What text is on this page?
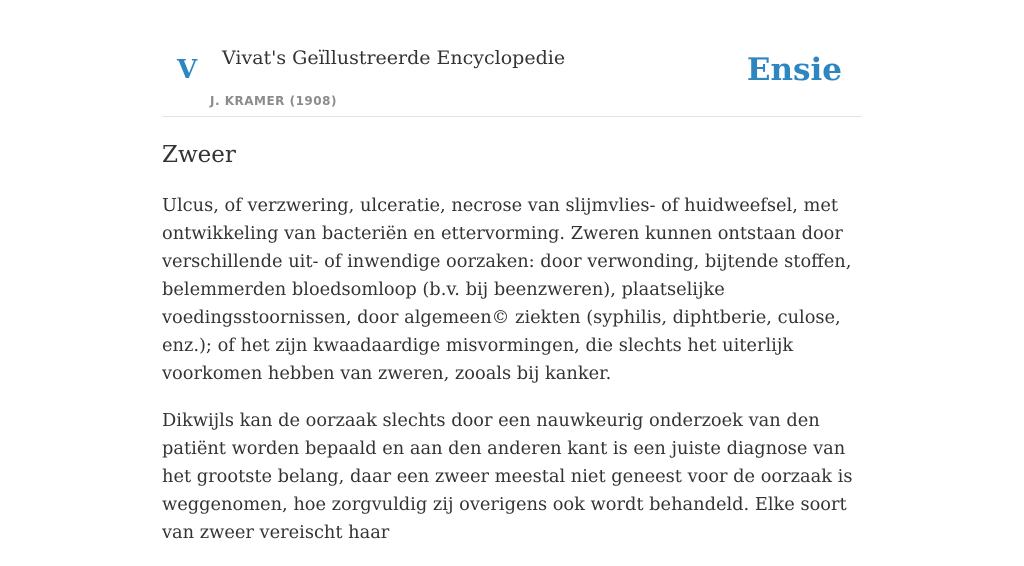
V Vivat's Geïllustreerde Encyclopedie
J. KRAMER (1908)
Ensie
Zweer

Ulcus, of verzwering, ulceratie, necrose van slijmvlies- of huidweefsel, met ontwikkeling van bacteriën en ettervorming. Zweren kunnen ontstaan door verschillende uit- of inwendige oorzaken: door verwonding, bijtende stoffen, belemmerden bloedsomloop (b.v. bij beenzweren), plaatselijke voedingsstoornissen, door algemeen© ziekten (syphilis, diphtberie, culose, enz.); of het zijn kwaadaardige misvormingen, die slechts het uiterlijk voorkomen hebben van zweren, zooals bij kanker.

Dikwijls kan de oorzaak slechts door een nauwkeurig onderzoek van den patiënt worden bepaald en aan den anderen kant is een juiste diagnose van het grootste belang, daar een zweer meestal niet geneest voor de oorzaak is weggenomen, hoe zorgvuldig zij overigens ook wordt behandeld. Elke soort van zweer vereischt haar
